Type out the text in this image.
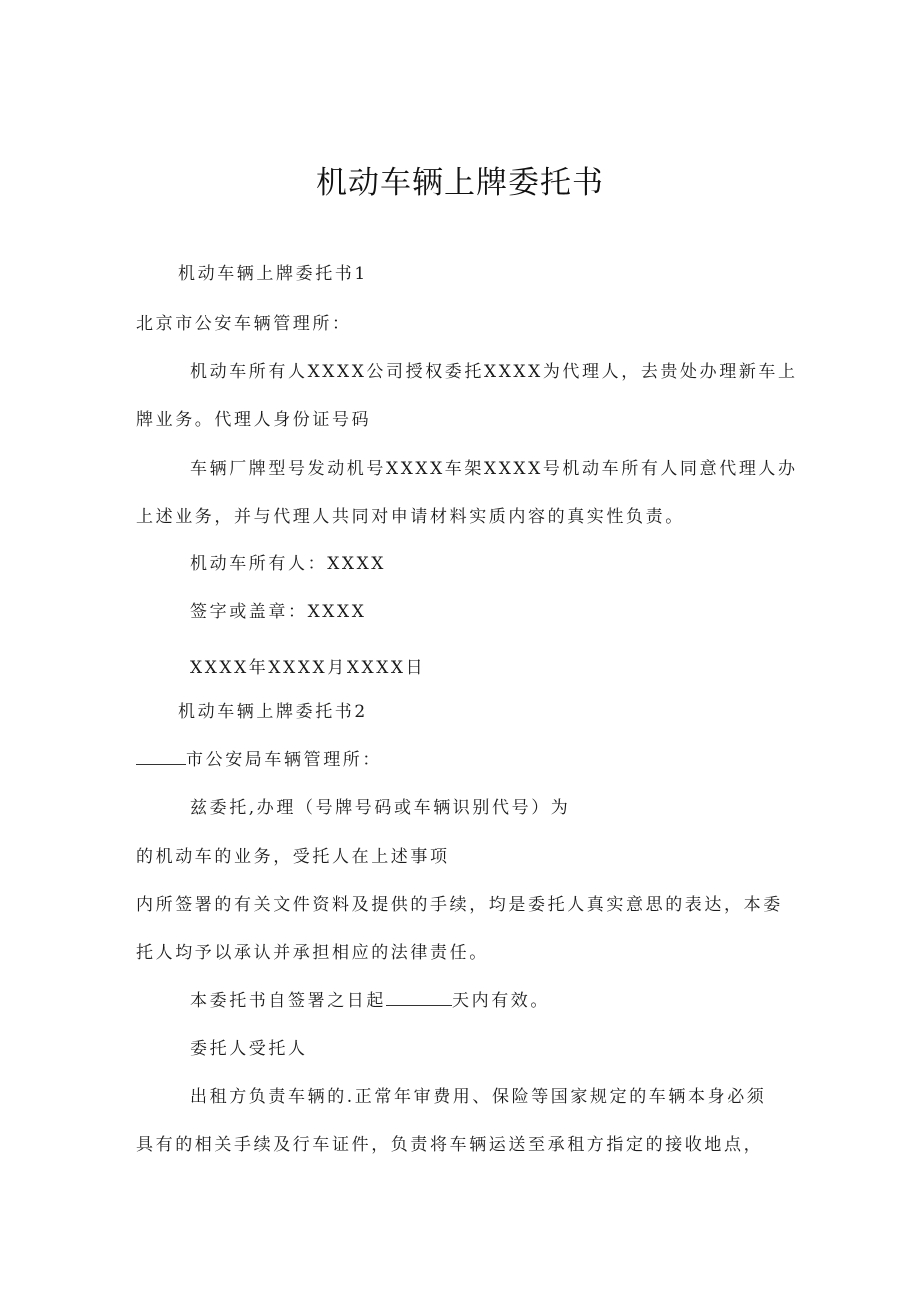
机动车辆上牌委托书
机动车辆上牌委托书1
北京市公安车辆管理所：
机动车所有人XXXX公司授权委托XXXX为代理人，去贵处办理新车上
牌业务。代理人身份证号码
车辆厂牌型号发动机号XXXX车架XXXX号机动车所有人同意代理人办
上述业务，并与代理人共同对申请材料实质内容的真实性负责。
机动车所有人：XXXX
签字或盖章：XXXX
XXXX年XXXX月XXXX日
机动车辆上牌委托书2
市公安局车辆管理所：
兹委托,办理（号牌号码或车辆识别代号）为
的机动车的业务，受托人在上述事项
内所签署的有关文件资料及提供的手续，均是委托人真实意思的表达，本委
托人均予以承认并承担相应的法律责任。
本委托书自签署之日起	天内有效。
委托人受托人
出租方负责车辆的.正常年审费用、保险等国家规定的车辆本身必须
具有的相关手续及行车证件，负责将车辆运送至承租方指定的接收地点，
